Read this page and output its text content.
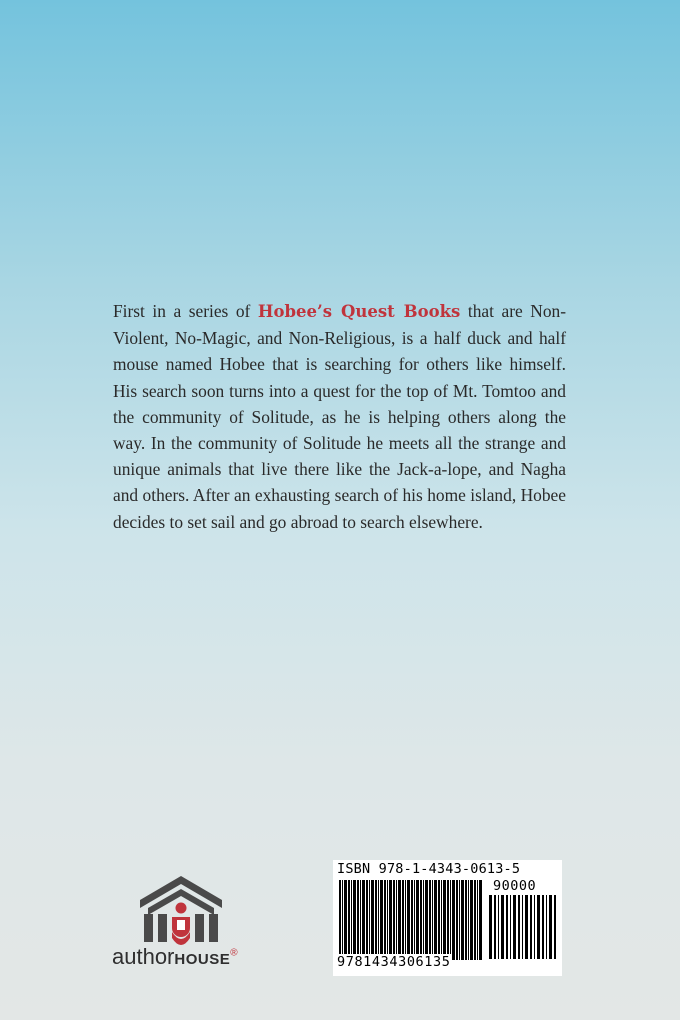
First in a series of Hobee’s Quest Books that are Non-Violent, No-Magic, and Non-Religious, is a half duck and half mouse named Hobee that is searching for others like himself. His search soon turns into a quest for the top of Mt. Tomtoo and the community of Solitude, as he is helping others along the way. In the community of Solitude he meets all the strange and unique animals that live there like the Jack-a-lope, and Nagha and others. After an exhausting search of his home island, Hobee decides to set sail and go abroad to search elsewhere.
authorHOUSE®
ISBN 978-1-4343-0613-5
90000
9781434306135
